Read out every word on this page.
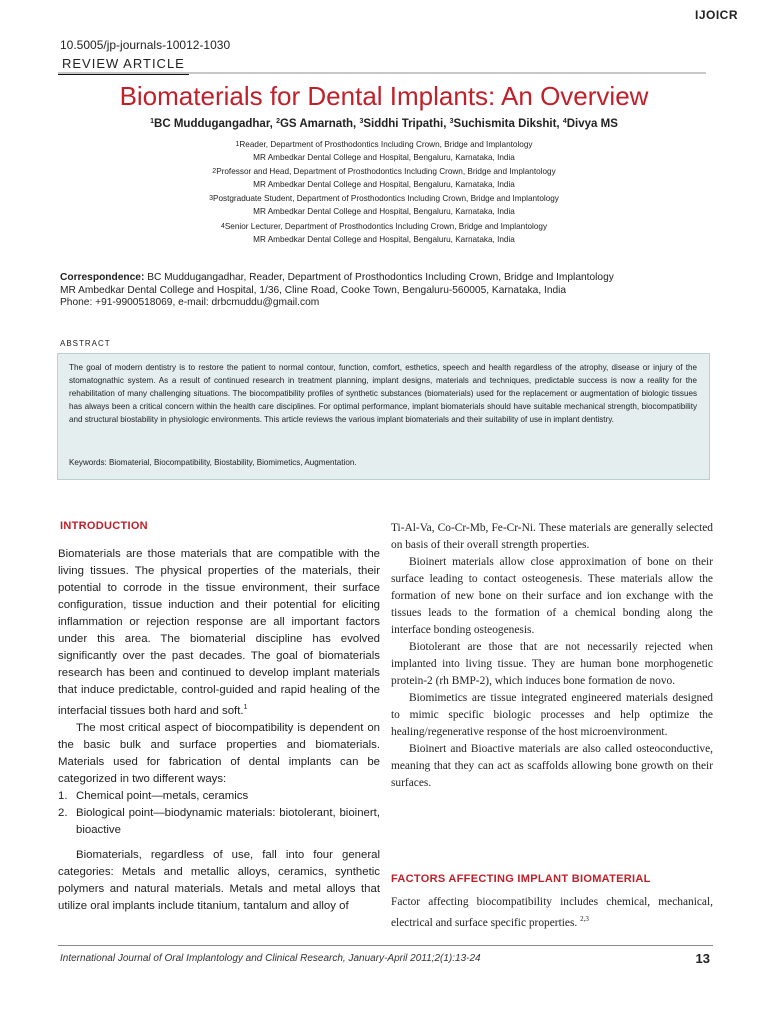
IJOICR
10.5005/jp-journals-10012-1030
REVIEW ARTICLE
Biomaterials for Dental Implants: An Overview
$^1$BC Muddugangadhar, $^2$GS Amarnath, $^3$Siddhi Tripathi, $^3$Suchismita Dikshit, $^4$Divya MS
$^1$Reader, Department of Prosthodontics Including Crown, Bridge and Implantology
MR Ambedkar Dental College and Hospital, Bengaluru, Karnataka, India
$^2$Professor and Head, Department of Prosthodontics Including Crown, Bridge and Implantology
MR Ambedkar Dental College and Hospital, Bengaluru, Karnataka, India
$^3$Postgraduate Student, Department of Prosthodontics Including Crown, Bridge and Implantology
MR Ambedkar Dental College and Hospital, Bengaluru, Karnataka, India
$^4$Senior Lecturer, Department of Prosthodontics Including Crown, Bridge and Implantology
MR Ambedkar Dental College and Hospital, Bengaluru, Karnataka, India
Correspondence: BC Muddugangadhar, Reader, Department of Prosthodontics Including Crown, Bridge and Implantology
MR Ambedkar Dental College and Hospital, 1/36, Cline Road, Cooke Town, Bengaluru-560005, Karnataka, India
Phone: +91-9900518069, e-mail: drbcmuddu@gmail.com
ABSTRACT
The goal of modern dentistry is to restore the patient to normal contour, function, comfort, esthetics, speech and health regardless of the atrophy, disease or injury of the stomatognathic system. As a result of continued research in treatment planning, implant designs, materials and techniques, predictable success is now a reality for the rehabilitation of many challenging situations. The biocompatibility profiles of synthetic substances (biomaterials) used for the replacement or augmentation of biologic tissues has always been a critical concern within the health care disciplines. For optimal performance, implant biomaterials should have suitable mechanical strength, biocompatibility and structural biostability in physiologic environments. This article reviews the various implant biomaterials and their suitability of use in implant dentistry.
Keywords: Biomaterial, Biocompatibility, Biostability, Biomimetics, Augmentation.
INTRODUCTION

Biomaterials are those materials that are compatible with the living tissues. The physical properties of the materials, their potential to corrode in the tissue environment, their surface configuration, tissue induction and their potential for eliciting inflammation or rejection response are all important factors under this area. The biomaterial discipline has evolved significantly over the past decades. The goal of biomaterials research has been and continued to develop implant materials that induce predictable, control-guided and rapid healing of the interfacial tissues both hard and soft.$^1$

The most critical aspect of biocompatibility is dependent on the basic bulk and surface properties and biomaterials. Materials used for fabrication of dental implants can be categorized in two different ways:

1. Chemical point—metals, ceramics
2. Biological point—biodynamic materials: biotolerant, bioinert, bioactive

Biomaterials, regardless of use, fall into four general categories: Metals and metallic alloys, ceramics, synthetic polymers and natural materials. Metals and metal alloys that utilize oral implants include titanium, tantalum and alloy of

Ti-Al-Va, Co-Cr-Mb, Fe-Cr-Ni. These materials are generally selected on basis of their overall strength properties.

Bioinert materials allow close approximation of bone on their surface leading to contact osteogenesis. These materials allow the formation of new bone on their surface and ion exchange with the tissues leads to the formation of a chemical bonding along the interface bonding osteogenesis.

Biotolerant are those that are not necessarily rejected when implanted into living tissue. They are human bone morphogenetic protein-2 (rh BMP-2), which induces bone formation de novo.

Biomimetics are tissue integrated engineered materials designed to mimic specific biologic processes and help optimize the healing/regenerative response of the host microenvironment.

Bioinert and Bioactive materials are also called osteoconductive, meaning that they can act as scaffolds allowing bone growth on their surfaces.

FACTORS AFFECTING IMPLANT BIOMATERIAL

Factor affecting biocompatibility includes chemical, mechanical, electrical and surface specific properties. $^{2,3}$

International Journal of Oral Implantology and Clinical Research, January-April 2011;2(1):13-24	13
